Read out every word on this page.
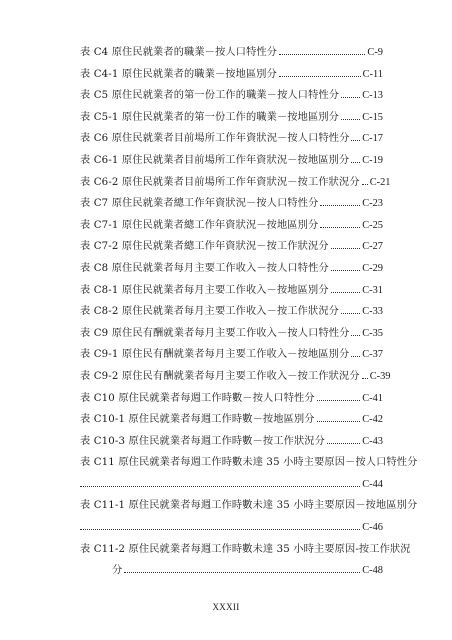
表 C4 原住民就業者的職業－按人口特性分	C-9
表 C4-1 原住民就業者的職業－按地區別分	C-11
表 C5 原住民就業者的第一份工作的職業－按人口特性分 C-13
表 C5-1 原住民就業者的第一份工作的職業－按地區別分 C-15
表 C6 原住民就業者目前場所工作年資狀況－按人口特性分 C-17
表 C6-1 原住民就業者目前場所工作年資狀況－按地區別分 C-19
表 C6-2 原住民就業者目前場所工作年資狀況－按工作狀況分 C-21
表 C7 原住民就業者總工作年資狀況－按人口特性分	C-23
表 C7-1 原住民就業者總工作年資狀況－按地區別分	C-25
表 C7-2 原住民就業者總工作年資狀況－按工作狀況分	C-27
表 C8 原住民就業者每月主要工作收入－按人口特性分	C-29
表 C8-1 原住民就業者每月主要工作收入－按地區別分	C-31
表 C8-2 原住民就業者每月主要工作收入－按工作狀況分 C-33
表 C9 原住民有酬就業者每月主要工作收入－按人口特性分 C-35
表 C9-1 原住民有酬就業者每月主要工作收入－按地區別分 C-37
表 C9-2 原住民有酬就業者每月主要工作收入－按工作狀況分 C-39
表 C10 原住民就業者每週工作時數－按人口特性分	C-41
表 C10-1 原住民就業者每週工作時數－按地區別分	C-42
表 C10-3 原住民就業者每週工作時數－按工作狀況分	C-43
表 C11 原住民就業者每週工作時數未達 35 小時主要原因－按人口特性分
C-44
表 C11-1 原住民就業者每週工作時數未達 35 小時主要原因－按地區別分
C-46
表 C11-2 原住民就業者每週工作時數未達 35 小時主要原因-按工作狀況
分	C-48
XXXII
